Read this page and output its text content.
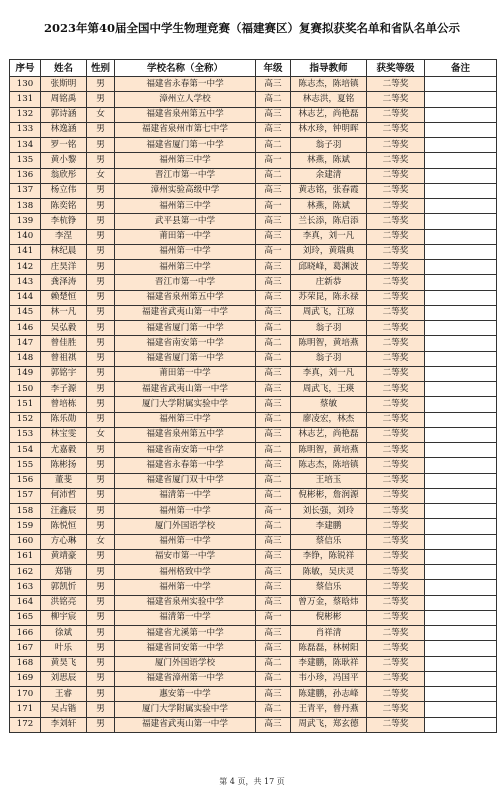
2023年第40届全国中学生物理竞赛（福建赛区）复赛拟获奖名单和省队名单公示
序号	姓名	性别	学校名称（全称）	年级	指导教师	获奖等级	备注
130	张斯明	男	福建省永春第一中学	高三	陈志杰，陈培镇	二等奖	
131	周铭禹	男	漳州立人学校	高二	林志洪，夏铭	二等奖	
132	郭诗涵	女	福建省泉州第五中学	高三	林志艺，尚艳磊	二等奖	
133	林逸涵	男	福建省泉州市第七中学	高三	林水珍，钟明晖	二等奖	
134	罗一铭	男	福建省厦门第一中学	高二	翁子羽	二等奖	
135	黄小黎	男	福州第三中学	高一	林燕，陈斌	二等奖	
136	翁欣彤	女	晋江市第一中学	高二	余建清	二等奖	
137	杨立伟	男	漳州实验高级中学	高三	黄志铭，张春霞	二等奖	
138	陈奕铭	男	福州第三中学	高一	林燕，陈斌	二等奖	
139	李杭铮	男	武平县第一中学	高三	兰长添，陈启添	二等奖	
140	李涅	男	莆田第一中学	高三	李真，刘一凡	二等奖	
141	林纪晨	男	福州第一中学	高一	刘玲，黄瑞典	二等奖	
142	庄昊洋	男	福州第三中学	高三	邱晓峰，葛渊波	二等奖	
143	龚泽涛	男	晋江市第一中学	高三	庄新恭	二等奖	
144	赖楚恒	男	福建省泉州第五中学	高三	苏荣昆，陈永禄	二等奖	
145	林一凡	男	福建省武夷山第一中学	高三	周武飞，江琼	二等奖	
146	吴弘毅	男	福建省厦门第一中学	高二	翁子羽	二等奖	
147	曾佳胜	男	福建省南安第一中学	高二	陈明智，黄培燕	二等奖	
148	曾祖祺	男	福建省厦门第一中学	高二	翁子羽	二等奖	
149	郭铭宇	男	莆田第一中学	高三	李真，刘一凡	二等奖	
150	李子源	男	福建省武夷山第一中学	高三	周武飞，王瑛	二等奖	
151	曾培栋	男	厦门大学附属实验中学	高三	蔡敏	二等奖	
152	陈乐勋	男	福州第三中学	高二	廖凌宏，林杰	二等奖	
153	林宝雯	女	福建省泉州第五中学	高三	林志艺，尚艳磊	二等奖	
154	尤嘉毅	男	福建省南安第一中学	高二	陈明智，黄培燕	二等奖	
155	陈彬扬	男	福建省永春第一中学	高三	陈志杰，陈培镇	二等奖	
156	董斐	男	福建省厦门双十中学	高二	王培玉	二等奖	
157	何沛哲	男	福清第一中学	高二	倪彬彬，詹润源	二等奖	
158	汪鑫辰	男	福州第一中学	高一	刘长强，刘玲	二等奖	
159	陈悦恒	男	厦门外国语学校	高二	李建鹏	二等奖	
160	方心琳	女	福州第一中学	高三	蔡信乐	二等奖	
161	黄靖豪	男	福安市第一中学	高三	李铮，陈锐祥	二等奖	
162	郑锴	男	福州格致中学	高三	陈敏，吴庆灵	二等奖	
163	郭凯忻	男	福州第一中学	高三	蔡信乐	二等奖	
164	洪铭亮	男	福建省泉州实验中学	高三	曾万金，蔡晗炜	二等奖	
165	柳宇宸	男	福清第一中学	高一	倪彬彬	二等奖	
166	徐斌	男	福建省尤溪第一中学	高三	肖祥清	二等奖	
167	叶乐	男	福建省同安第一中学	高三	陈磊磊，林树阳	二等奖	
168	黄昊飞	男	厦门外国语学校	高二	李建鹏，陈耿祥	二等奖	
169	刘思辰	男	福建省漳州第一中学	高二	韦小珍，冯国平	二等奖	
170	王睿	男	惠安第一中学	高三	陈建鹏，孙志峰	二等奖	
171	吴占锴	男	厦门大学附属实验中学	高二	王青平，曾丹燕	二等奖	
172	李刘轩	男	福建省武夷山第一中学	高三	周武飞，郑玄德	二等奖	
第 4 页，共 17 页
